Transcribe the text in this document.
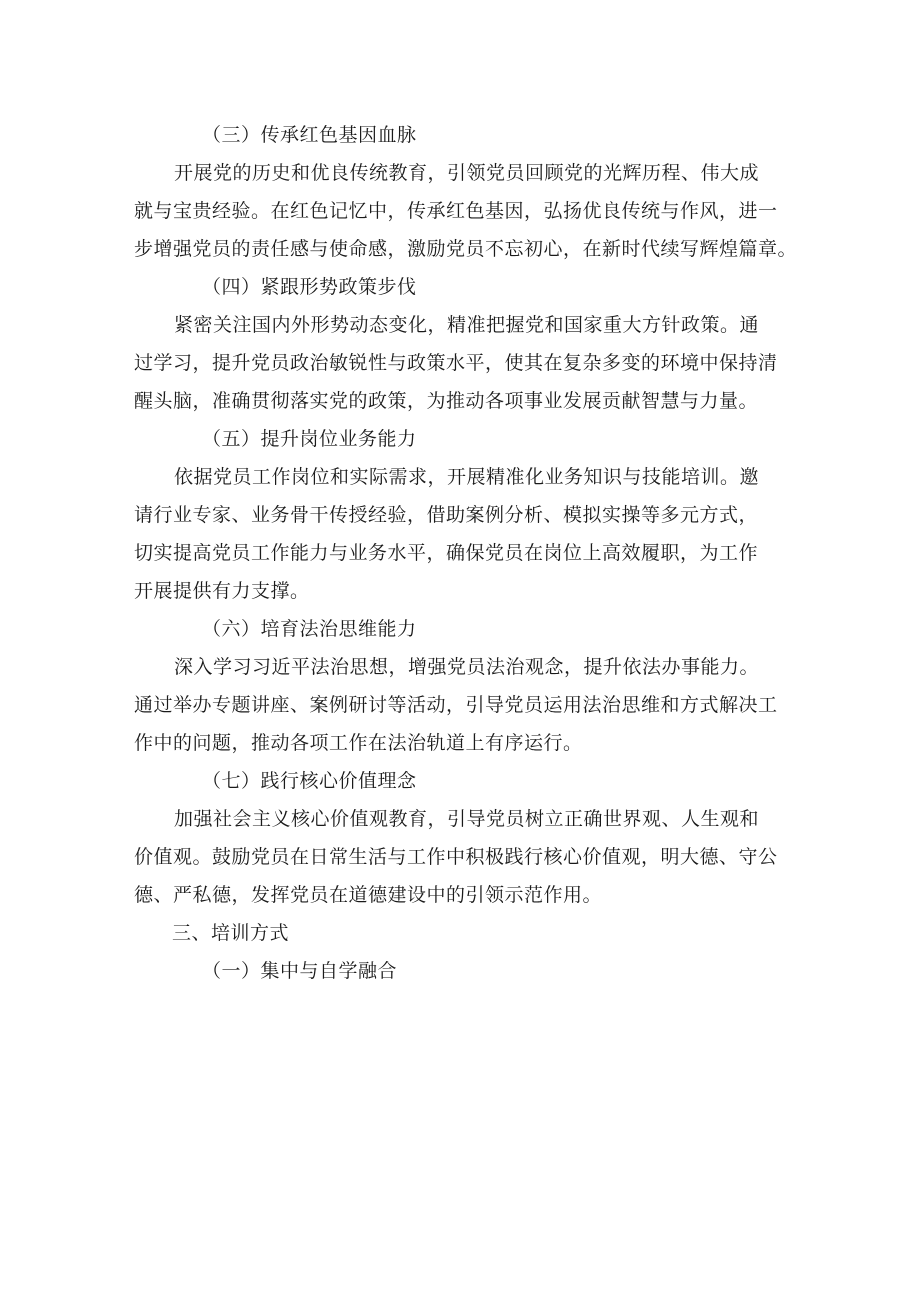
（三）传承红色基因血脉

开展党的历史和优良传统教育，引领党员回顾党的光辉历程、伟大成
就与宝贵经验。在红色记忆中，传承红色基因，弘扬优良传统与作风，进一
步增强党员的责任感与使命感，激励党员不忘初心，在新时代续写辉煌篇章。

（四）紧跟形势政策步伐

紧密关注国内外形势动态变化，精准把握党和国家重大方针政策。通
过学习，提升党员政治敏锐性与政策水平，使其在复杂多变的环境中保持清
醒头脑，准确贯彻落实党的政策，为推动各项事业发展贡献智慧与力量。

（五）提升岗位业务能力

依据党员工作岗位和实际需求，开展精准化业务知识与技能培训。邀
请行业专家、业务骨干传授经验，借助案例分析、模拟实操等多元方式，
切实提高党员工作能力与业务水平，确保党员在岗位上高效履职，为工作
开展提供有力支撑。

（六）培育法治思维能力

深入学习习近平法治思想，增强党员法治观念，提升依法办事能力。
通过举办专题讲座、案例研讨等活动，引导党员运用法治思维和方式解决工
作中的问题，推动各项工作在法治轨道上有序运行。

（七）践行核心价值理念

加强社会主义核心价值观教育，引导党员树立正确世界观、人生观和
价值观。鼓励党员在日常生活与工作中积极践行核心价值观，明大德、守公
德、严私德，发挥党员在道德建设中的引领示范作用。

三、培训方式

（一）集中与自学融合
